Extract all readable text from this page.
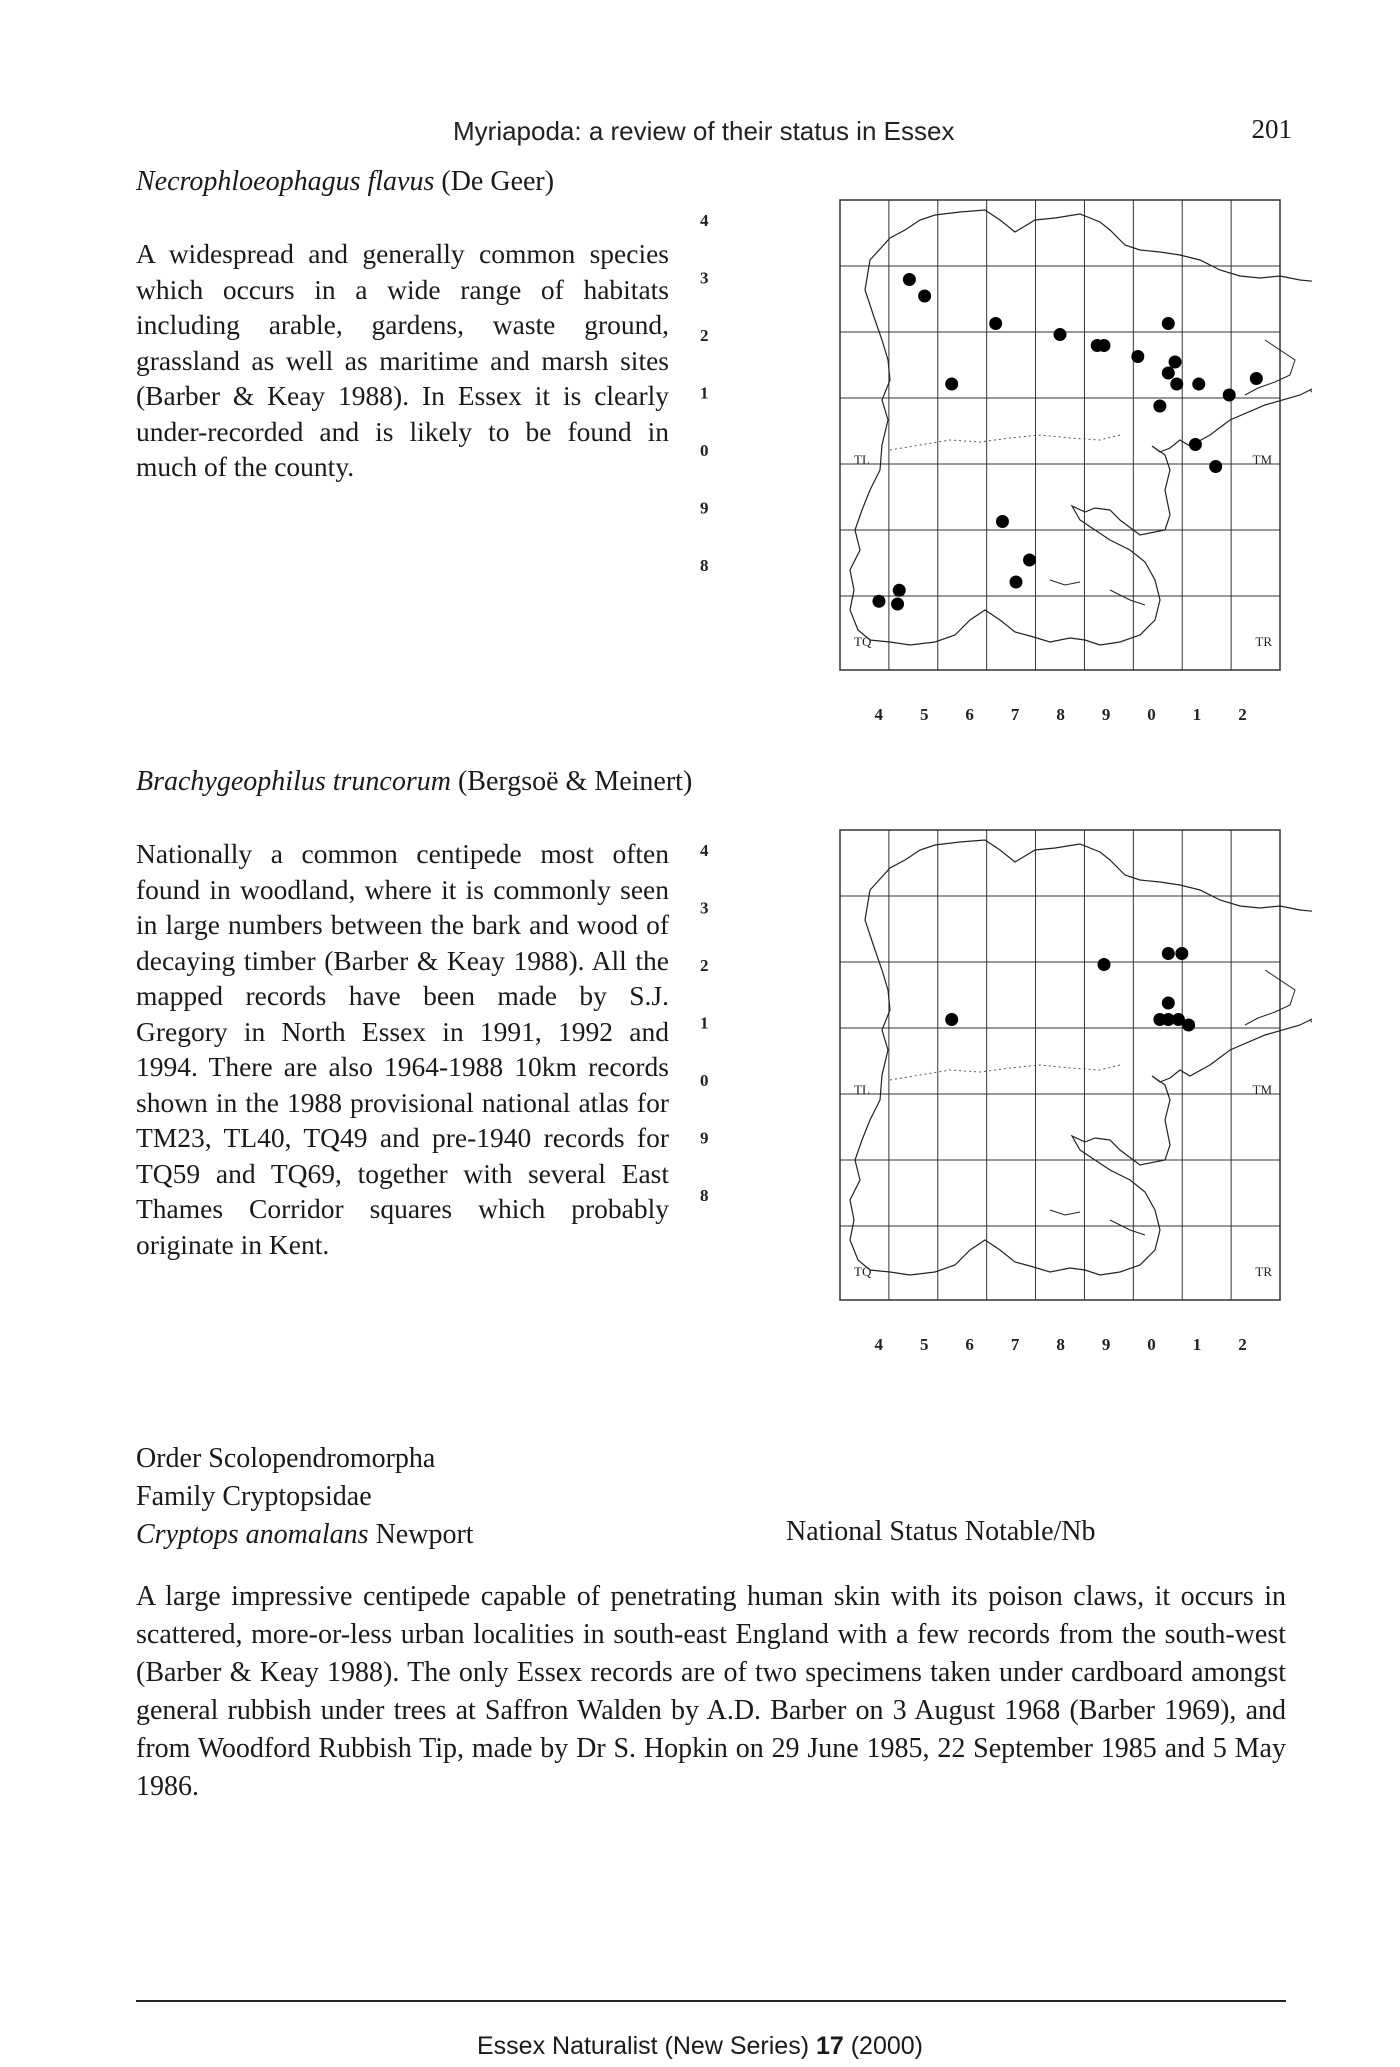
Myriapoda: a review of their status in Essex	201
Necrophloeophagus flavus (De Geer)
A widespread and generally common species which occurs in a wide range of habitats including arable, gardens, waste ground, grassland as well as maritime and marsh sites (Barber & Keay 1988). In Essex it is clearly under-recorded and is likely to be found in much of the county.
4
3
2
1
0
9
8
4 5 6 7 8 9 0 1 2
TL	TM
TQ	TR
Brachygeophilus truncorum (Bergsoë & Meinert)
Nationally a common centipede most often found in woodland, where it is commonly seen in large numbers between the bark and wood of decaying timber (Barber & Keay 1988). All the mapped records have been made by S.J. Gregory in North Essex in 1991, 1992 and 1994. There are also 1964-1988 10km records shown in the 1988 provisional national atlas for TM23, TL40, TQ49 and pre-1940 records for TQ59 and TQ69, together with several East Thames Corridor squares which probably originate in Kent.
4
3
2
1
0
9
8
4 5 6 7 8 9 0 1 2
TL	TM
TQ	TR
Order Scolopendromorpha
Family Cryptopsidae
Cryptops anomalans Newport	National Status Notable/Nb
A large impressive centipede capable of penetrating human skin with its poison claws, it occurs in scattered, more-or-less urban localities in south-east England with a few records from the south-west (Barber & Keay 1988). The only Essex records are of two specimens taken under cardboard amongst general rubbish under trees at Saffron Walden by A.D. Barber on 3 August 1968 (Barber 1969), and from Woodford Rubbish Tip, made by Dr S. Hopkin on 29 June 1985, 22 September 1985 and 5 May 1986.
Essex Naturalist (New Series) 17 (2000)
